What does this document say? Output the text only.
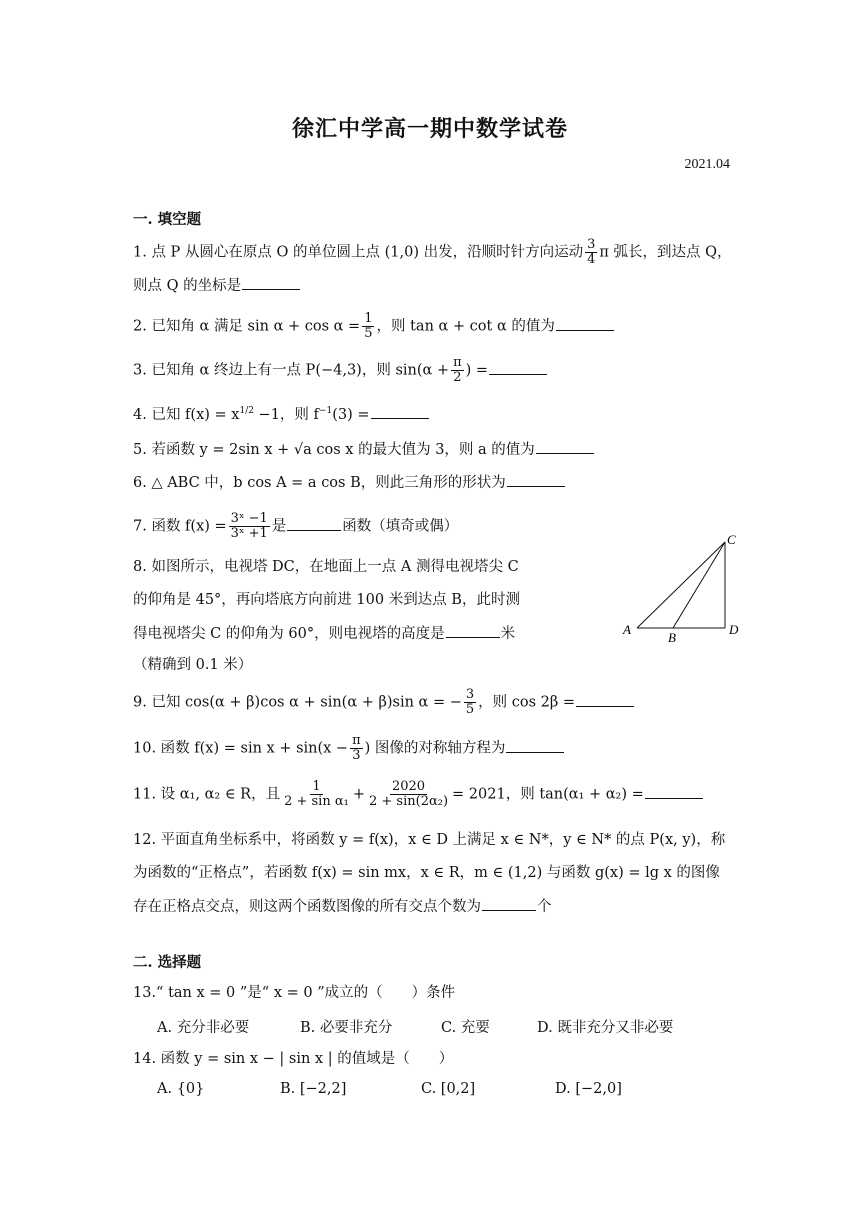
徐汇中学高一期中数学试卷
2021.04
一. 填空题
1. 点 P 从圆心在原点 O 的单位圆上点 (1,0) 出发，沿顺时针方向运动 $\frac{3}{4}$ π 弧长，到达点 Q，
则点 Q 的坐标是
2. 已知角 α 满足 $\sin \alpha + \cos \alpha = \frac{1}{5}$ ，则 tan α + cot α 的值为
3. 已知角 α 终边上有一点 P(−4,3)，则 $\sin(\alpha + \frac{\pi}{2}$ ) =
4. 已知 $f(x) = x^{1/2} -1$，则 $f^{-1}(3)$ =
5. 若函数 y = 2sin x + √a cos x 的最大值为 3，则 a 的值为
6. △ ABC 中，b cos A = a cos B，则此三角形的形状为
7. 函数 $f(x) = \frac{\text{3ˣ −1}}{\text{3ˣ +1}}$ 是	函数（填奇或偶）
8. 如图所示，电视塔 DC，在地面上一点 A 测得电视塔尖 C
的仰角是 45°，再向塔底方向前进 100 米到达点 B，此时测
得电视塔尖 C 的仰角为 60°，则电视塔的高度是	米
（精确到 0.1 米）
A
B
C
D
9. 已知 cos(α + β)cos α + sin(α + β)sin α = − $\frac{3}{5}$ ，则 cos 2β =
10. 函数 $f(x) = \sin x + \sin(x - \frac{\pi}{3}$ ) 图像的对称轴方程为
11. 设 α₁, α₂ ∈ R，且 $\frac{1}{\text{2 + sin α₁}} + \frac{2020}{\text{2 + sin(2α₂)}} = 2021$，则 tan(α₁ + α₂) =
12. 平面直角坐标系中，将函数 y = f(x)，x ∈ D 上满足 x ∈ N*，y ∈ N* 的点 P(x, y)，称
为函数的“正格点”，若函数 f(x) = sin mx，x ∈ R，m ∈ (1,2) 与函数 g(x) = lg x 的图像
存在正格点交点，则这两个函数图像的所有交点个数为	个
二. 选择题
13.“ tan x = 0 ”是“ x = 0 ”成立的（　　）条件
A. 充分非必要	B. 必要非充分	C. 充要	D. 既非充分又非必要
14. 函数 y = sin x − | sin x | 的值域是（　　）
A. {0}	B. [−2,2]	C. [0,2]	D. [−2,0]
